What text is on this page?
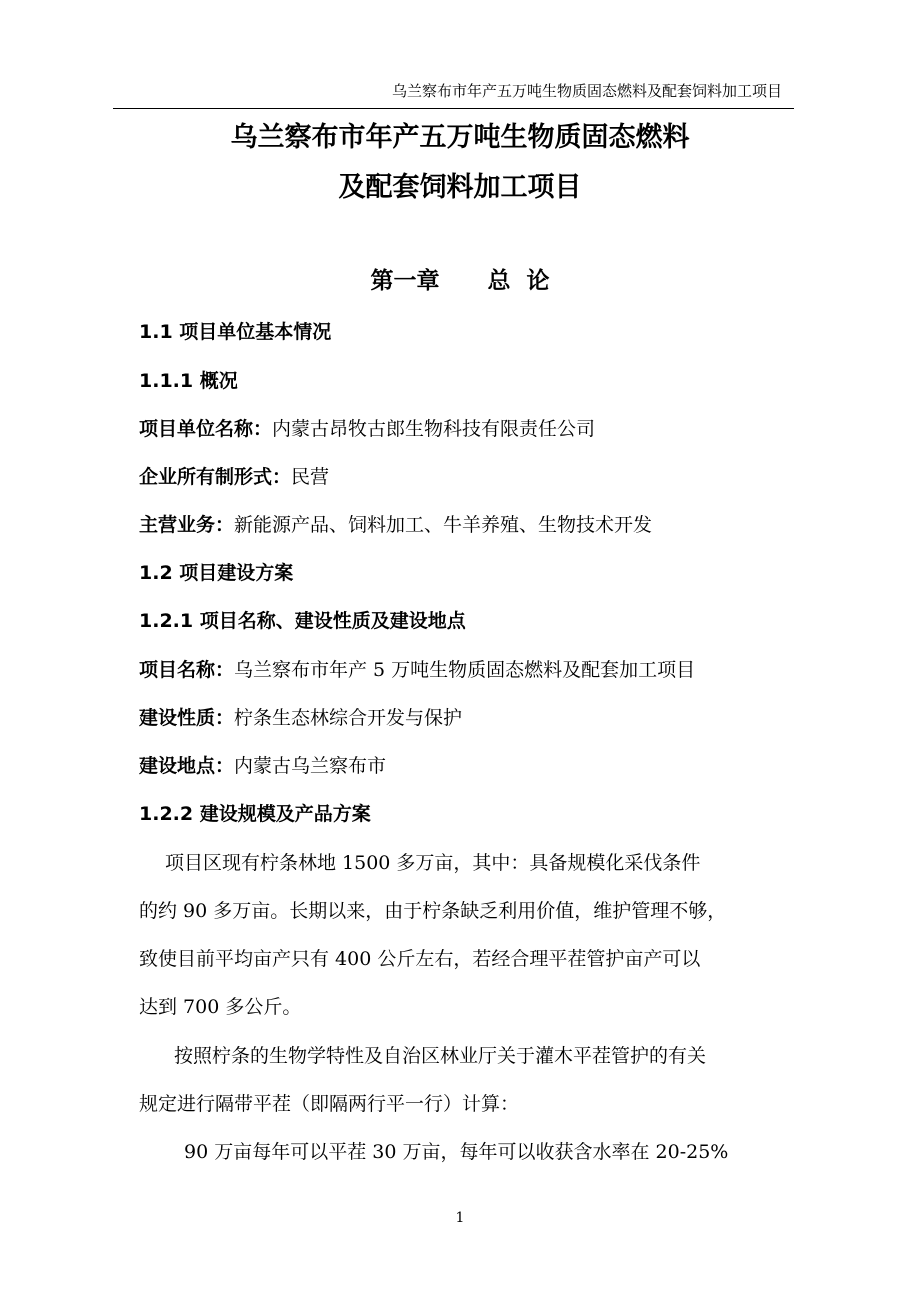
乌兰察布市年产五万吨生物质固态燃料及配套饲料加工项目
乌兰察布市年产五万吨生物质固态燃料
及配套饲料加工项目
第一章      总  论
1.1 项目单位基本情况
1.1.1 概况
项目单位名称：内蒙古昂牧古郎生物科技有限责任公司
企业所有制形式：民营
主营业务：新能源产品、饲料加工、牛羊养殖、生物技术开发
1.2 项目建设方案
1.2.1 项目名称、建设性质及建设地点
项目名称：乌兰察布市年产 5 万吨生物质固态燃料及配套加工项目
建设性质：柠条生态林综合开发与保护
建设地点：内蒙古乌兰察布市
1.2.2 建设规模及产品方案
项目区现有柠条林地 1500 多万亩，其中：具备规模化采伐条件
的约 90 多万亩。长期以来，由于柠条缺乏利用价值，维护管理不够，
致使目前平均亩产只有 400 公斤左右，若经合理平茬管护亩产可以
达到 700 多公斤。
按照柠条的生物学特性及自治区林业厅关于灌木平茬管护的有关
规定进行隔带平茬（即隔两行平一行）计算：
90 万亩每年可以平茬 30 万亩，每年可以收获含水率在 20-25%
1
